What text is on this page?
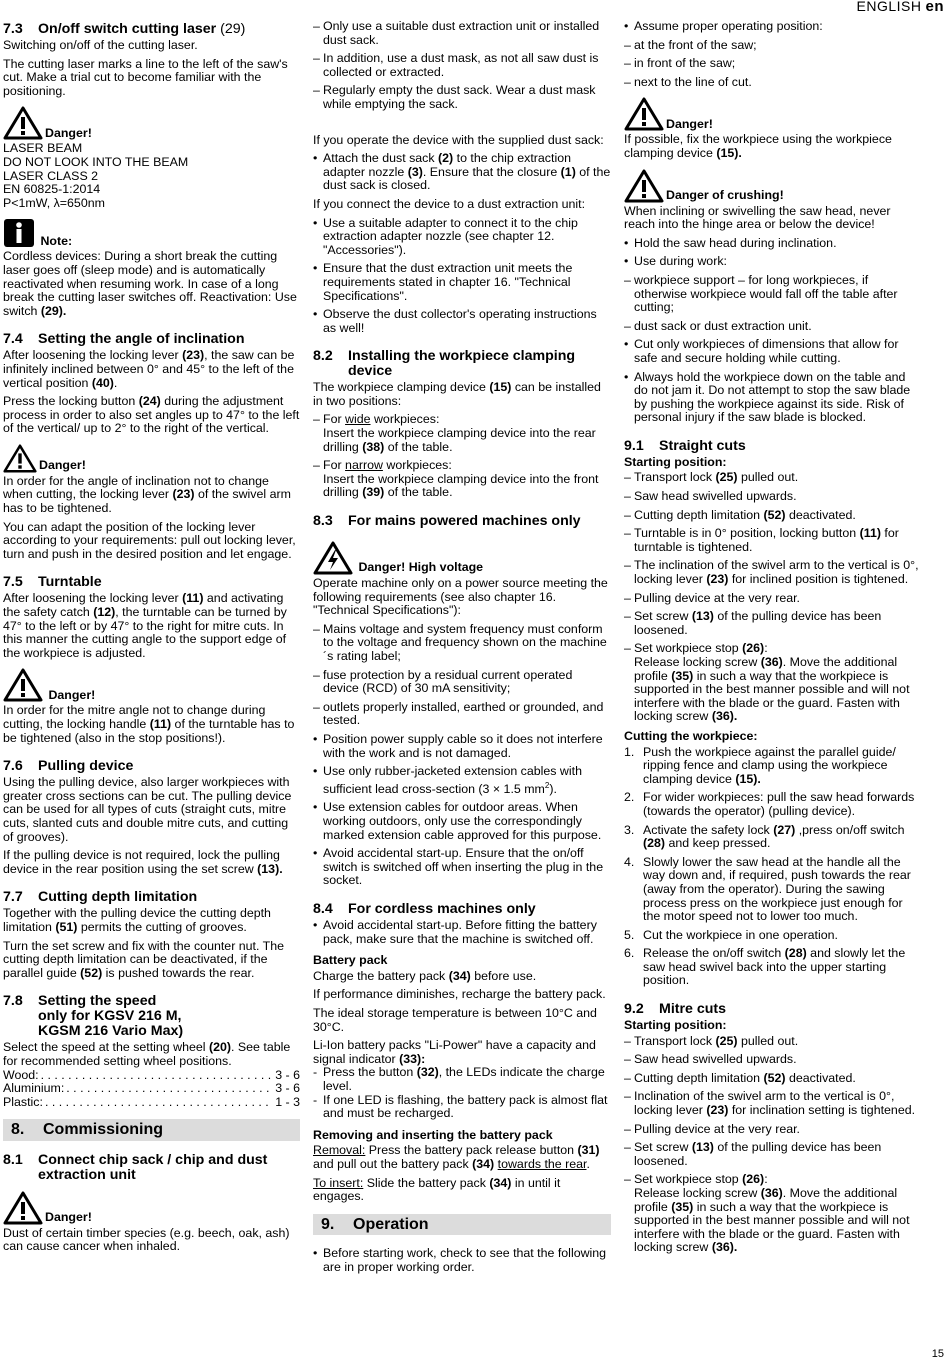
ENGLISH en
7.3	On/off switch cutting laser (29)

Switching on/off of the cutting laser.

The cutting laser marks a line to the left of the saw's cut. Make a trial cut to become familiar with the positioning.

Danger!

LASER BEAM
DO NOT LOOK INTO THE BEAM
LASER CLASS 2
EN 60825-1:2014
P<1mW, λ=650nm

Note:

Cordless devices: During a short break the cutting laser goes off (sleep mode) and is automatically reactivated when resuming work. In case of a long break the cutting laser switches off. Reactivation: Use switch (29).

7.4	Setting the angle of inclination

After loosening the locking lever (23), the saw can be infinitely inclined between 0° and 45° to the left of the vertical position (40).

Press the locking button (24) during the adjustment process in order to also set angles up to 47° to the left of the vertical/ up to 2° to the right of the vertical.

Danger!

In order for the angle of inclination not to change when cutting, the locking lever (23) of the swivel arm has to be tightened.

You can adapt the position of the locking lever according to your requirements: pull out locking lever, turn and push in the desired position and let engage.

7.5	Turntable

After loosening the locking lever (11) and activating the safety catch (12), the turntable can be turned by 47° to the left or by 47° to the right for mitre cuts. In this manner the cutting angle to the support edge of the workpiece is adjusted.

Danger!

In order for the mitre angle not to change during cutting, the locking handle (11) of the turntable has to be tightened (also in the stop positions!).

7.6	Pulling device

Using the pulling device, also larger workpieces with greater cross sections can be cut. The pulling device can be used for all types of cuts (straight cuts, mitre cuts, slanted cuts and double mitre cuts, and cutting of grooves).

If the pulling device is not required, lock the pulling device in the rear position using the set screw (13).

7.7	Cutting depth limitation

Together with the pulling device the cutting depth limitation (51) permits the cutting of grooves.

Turn the set screw and fix with the counter nut. The cutting depth limitation can be deactivated, if the parallel guide (52) is pushed towards the rear.

7.8	Setting the speed
only for KGSV 216 M,
KGSM 216 Vario Max)

Select the speed at the setting wheel (20). See table for recommended setting wheel positions.

Wood: . . .	3 - 6
Aluminium: . . .	3 - 6
Plastic: . . .	1 - 3
8. Commissioning
8.1	Connect chip sack / chip and dust extraction unit
Danger!

Dust of certain timber species (e.g. beech, oak, ash) can cause cancer when inhaled.

– Only use a suitable dust extraction unit or installed dust sack.
– In addition, use a dust mask, as not all saw dust is collected or extracted.
– Regularly empty the dust sack. Wear a dust mask while emptying the sack.

If you operate the device with the supplied dust sack:

• Attach the dust sack (2) to the chip extraction adapter nozzle (3). Ensure that the closure (1) of the dust sack is closed.

If you connect the device to a dust extraction unit:

• Use a suitable adapter to connect it to the chip extraction adapter nozzle (see chapter 12. "Accessories").
• Ensure that the dust extraction unit meets the requirements stated in chapter 16. "Technical Specifications".
• Observe the dust collector's operating instructions as well!
8.2	Installing the workpiece clamping device

The workpiece clamping device (15) can be installed in two positions:

– For wide workpieces:
Insert the workpiece clamping device into the rear drilling (38) of the table.
– For narrow workpieces:
Insert the workpiece clamping device into the front drilling (39) of the table.
8.3	For mains powered machines only

Danger! High voltage

Operate machine only on a power source meeting the following requirements (see also chapter 16. "Technical Specifications"):

– Mains voltage and system frequency must conform to the voltage and frequency shown on the machine´s rating label;
– fuse protection by a residual current operated device (RCD) of 30 mA sensitivity;
– outlets properly installed, earthed or grounded, and tested.
• Position power supply cable so it does not interfere with the work and is not damaged.
• Use only rubber-jacketed extension cables with sufficient lead cross-section (3 × 1.5 $mm^2$).
• Use extension cables for outdoor areas. When working outdoors, only use the correspondingly marked extension cable approved for this purpose.
• Avoid accidental start-up. Ensure that the on/off switch is switched off when inserting the plug in the socket.
8.4	For cordless machines only
• Avoid accidental start-up. Before fitting the battery pack, make sure that the machine is switched off.
Battery pack

Charge the battery pack (34) before use.

If performance diminishes, recharge the battery pack.

The ideal storage temperature is between 10°C and 30°C.

Li-Ion battery packs "Li-Power" have a capacity and signal indicator (33):

- Press the button (32), the LEDs indicate the charge level.
- If one LED is flashing, the battery pack is almost flat and must be recharged.
Removing and inserting the battery pack

Removal: Press the battery pack release button (31) and pull out the battery pack (34) towards the rear.

To insert: Slide the battery pack (34) in until it engages.

9. Operation
• Before starting work, check to see that the following are in proper working order.
• Assume proper operating position:
– at the front of the saw;
– in front of the saw;
– next to the line of cut.
Danger!

If possible, fix the workpiece using the workpiece clamping device (15).

Danger of crushing!

When inclining or swivelling the saw head, never reach into the hinge area or below the device!

• Hold the saw head during inclination.
• Use during work:
– workpiece support – for long workpieces, if otherwise workpiece would fall off the table after cutting;
– dust sack or dust extraction unit.
• Cut only workpieces of dimensions that allow for safe and secure holding while cutting.
• Always hold the workpiece down on the table and do not jam it. Do not attempt to stop the saw blade by pushing the workpiece against its side. Risk of personal injury if the saw blade is blocked.
9.1	Straight cuts
Starting position:
– Transport lock (25) pulled out.
– Saw head swivelled upwards.
– Cutting depth limitation (52) deactivated.
– Turntable is in 0° position, locking button (11) for turntable is tightened.
– The inclination of the swivel arm to the vertical is 0°, locking lever (23) for inclined position is tightened.
– Pulling device at the very rear.
– Set screw (13) of the pulling device has been loosened.
– Set workpiece stop (26):
Release locking screw (36). Move the additional profile (35) in such a way that the workpiece is supported in the best manner possible and will not interfere with the blade or the guard. Fasten with locking screw (36).
Cutting the workpiece:
1. Push the workpiece against the parallel guide/ ripping fence and clamp using the workpiece clamping device (15).
2. For wider workpieces: pull the saw head forwards (towards the operator) (pulling device).
3. Activate the safety lock (27) ,press on/off switch (28) and keep pressed.
4. Slowly lower the saw head at the handle all the way down and, if required, push towards the rear (away from the operator). During the sawing process press on the workpiece just enough for the motor speed not to lower too much.
5. Cut the workpiece in one operation.
6. Release the on/off switch (28) and slowly let the saw head swivel back into the upper starting position.
9.2	Mitre cuts
Starting position:
– Transport lock (25) pulled out.
– Saw head swivelled upwards.
– Cutting depth limitation (52) deactivated.
– Inclination of the swivel arm to the vertical is 0°, locking lever (23) for inclination setting is tightened.
– Pulling device at the very rear.
– Set screw (13) of the pulling device has been loosened.
– Set workpiece stop (26):
Release locking screw (36). Move the additional profile (35) in such a way that the workpiece is supported in the best manner possible and will not interfere with the blade or the guard. Fasten with locking screw (36).
15
